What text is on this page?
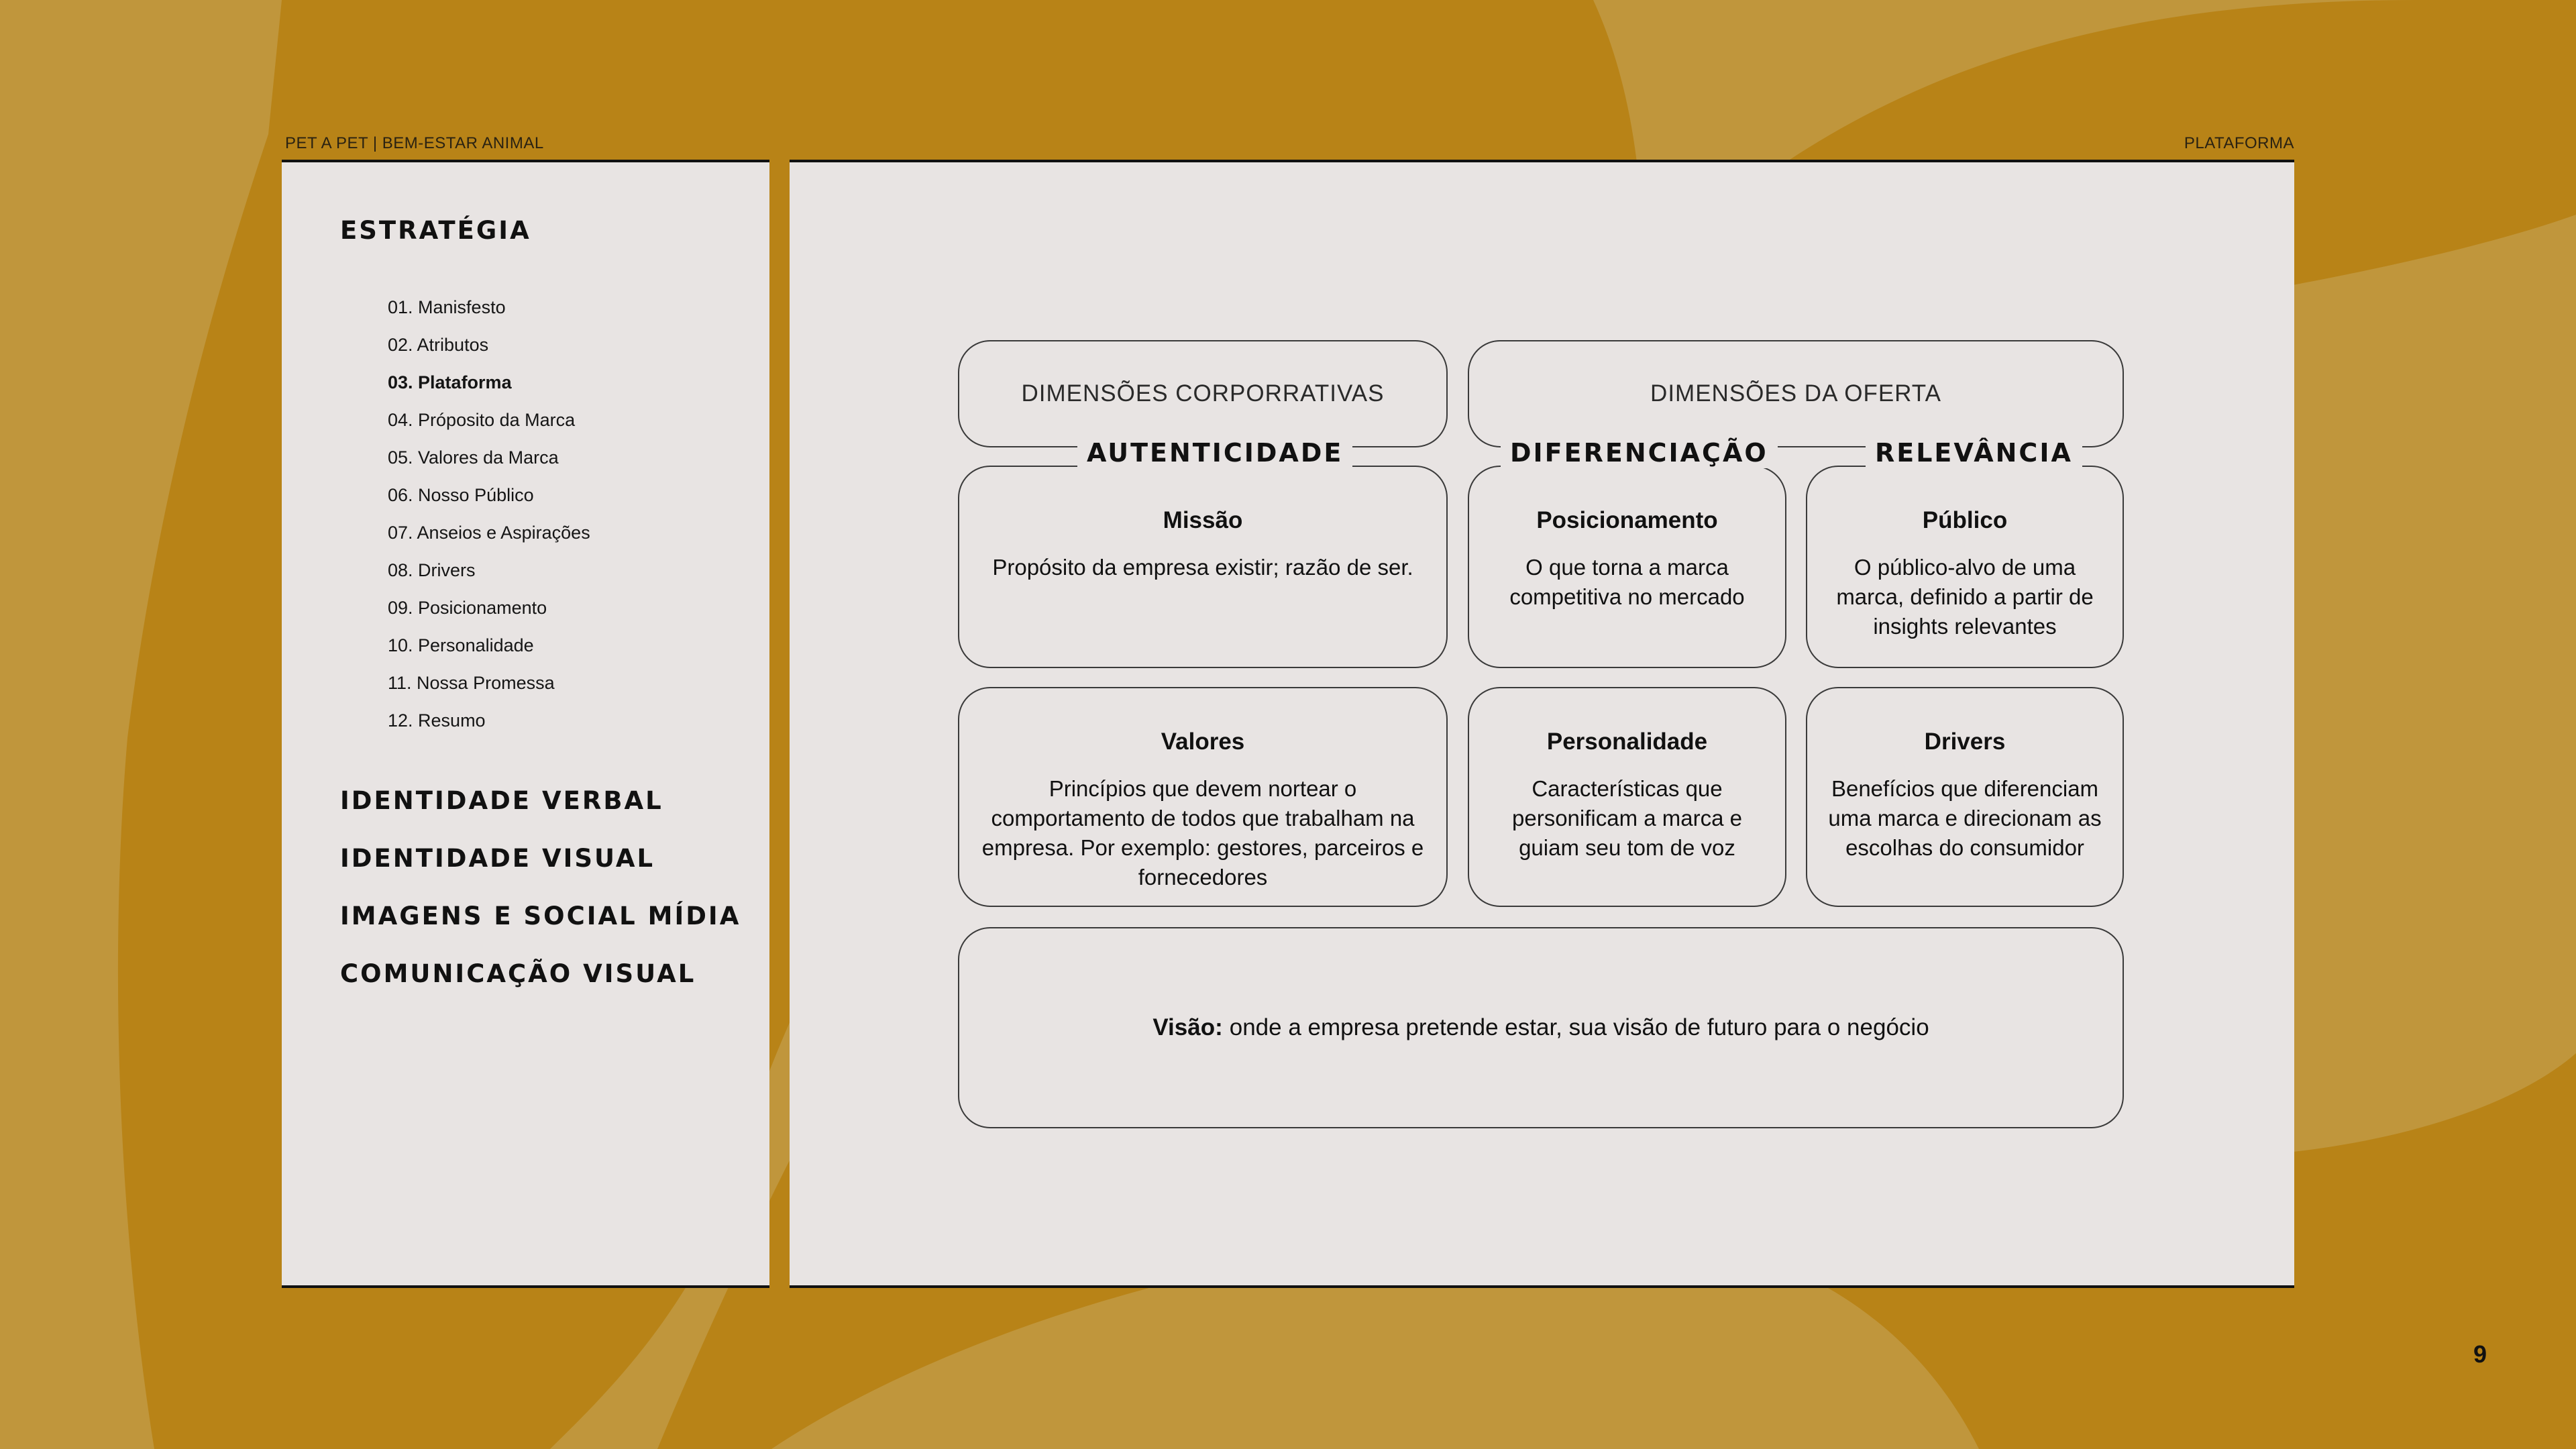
PET A PET | BEM-ESTAR ANIMAL	PLATAFORMA
ESTRATÉGIA
01. Manisfesto
02. Atributos
03. Plataforma
04. Próposito da Marca
05. Valores da Marca
06. Nosso Público
07. Anseios e Aspirações
08. Drivers
09. Posicionamento
10. Personalidade
11. Nossa Promessa
12. Resumo
IDENTIDADE VERBAL
IDENTIDADE VISUAL
IMAGENS E SOCIAL MÍDIA
COMUNICAÇÃO VISUAL
DIMENSÕES CORPORRATIVAS	DIMENSÕES DA OFERTA
AUTENTICIDADE	DIFERENCIAÇÃO	RELEVÂNCIA
Missão
Propósito da empresa existir; razão de ser.
Posicionamento
O que torna a marca competitiva no mercado
Público
O público-alvo de uma marca, definido a partir de insights relevantes
Valores
Princípios que devem nortear o comportamento de todos que trabalham na empresa. Por exemplo: gestores, parceiros e fornecedores
Personalidade
Características que personificam a marca e guiam seu tom de voz
Drivers
Benefícios que diferenciam uma marca e direcionam as escolhas do consumidor
Visão: onde a empresa pretende estar, sua visão de futuro para o negócio
9
